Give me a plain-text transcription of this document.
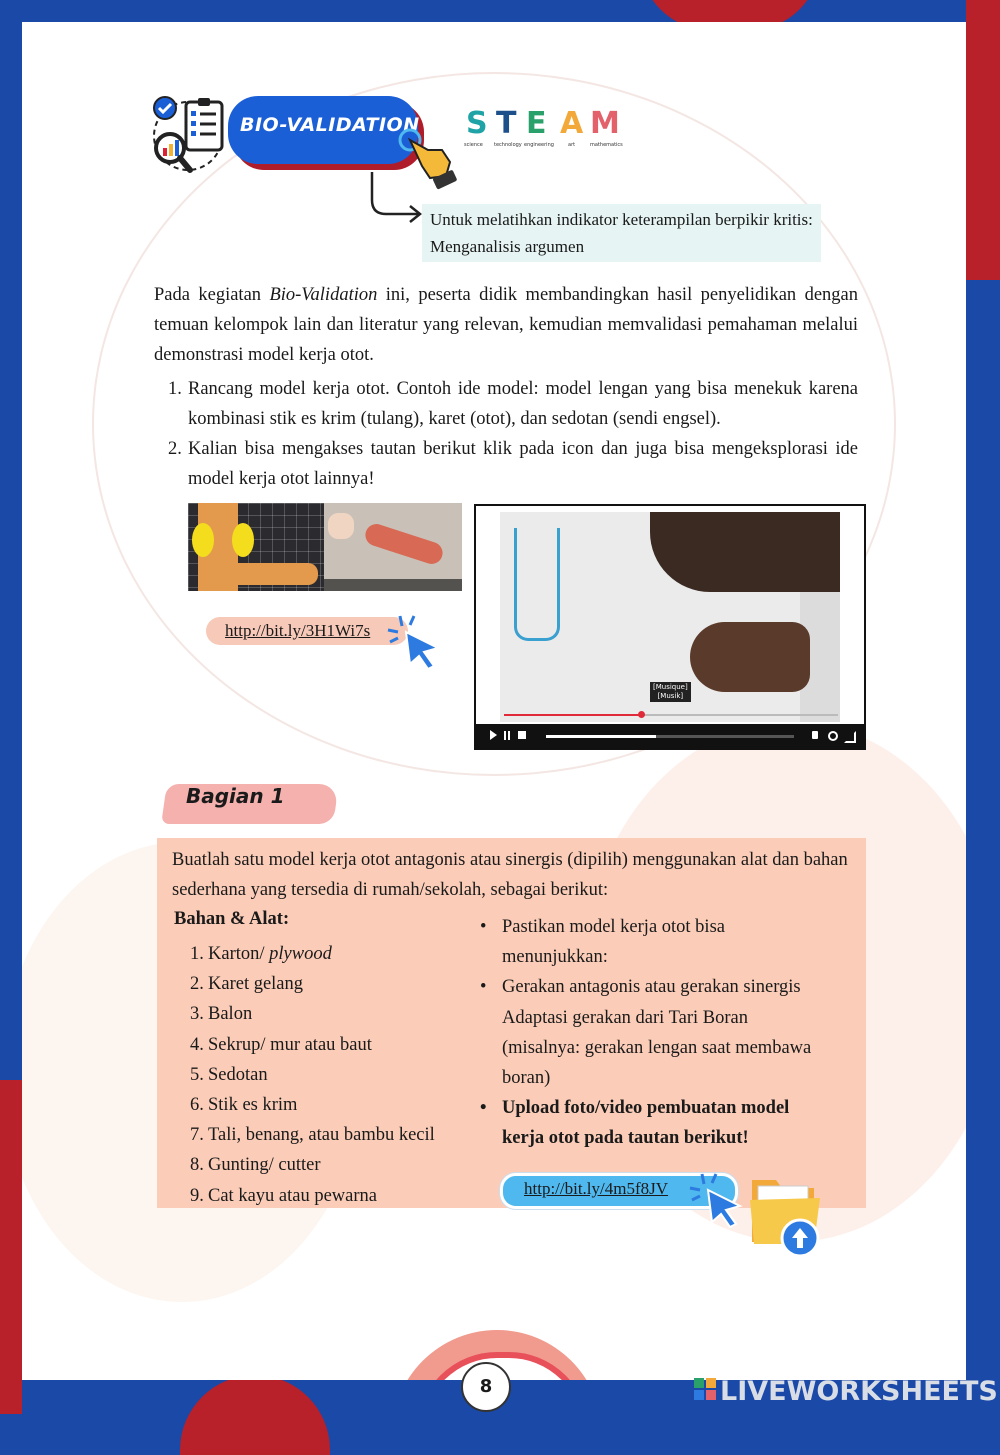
BIO-VALIDATION S T E A M
science technology engineering	art	mathematics
Untuk melatihkan indikator keterampilan berpikir kritis:
Menganalisis argumen
Pada kegiatan Bio-Validation ini, peserta didik membandingkan hasil penyelidikan dengan temuan kelompok lain dan literatur yang relevan, kemudian memvalidasi pemahaman melalui demonstrasi model kerja otot.
1. Rancang model kerja otot. Contoh ide model: model lengan yang bisa menekuk karena kombinasi stik es krim (tulang), karet (otot), dan sedotan (sendi engsel).
2. Kalian bisa mengakses tautan berikut klik pada icon dan juga bisa mengeksplorasi ide model kerja otot lainnya!
http://bit.ly/3H1Wi7s
[Musique]
[Musik]
Bagian 1
Buatlah satu model kerja otot antagonis atau sinergis (dipilih) menggunakan alat dan bahan sederhana yang tersedia di rumah/sekolah, sebagai berikut:
Bahan & Alat:
1. Karton/ plywood
2. Karet gelang
3. Balon
4. Sekrup/ mur atau baut
5. Sedotan
6. Stik es krim
7. Tali, benang, atau bambu kecil
8. Gunting/ cutter
9. Cat kayu atau pewarna
• Pastikan model kerja otot bisa menunjukkan:
• Gerakan antagonis atau gerakan sinergis Adaptasi gerakan dari Tari Boran (misalnya: gerakan lengan saat membawa boran)
• Upload foto/video pembuatan model kerja otot pada tautan berikut!
http://bit.ly/4m5f8JV
8	LIVEWORKSHEETS
